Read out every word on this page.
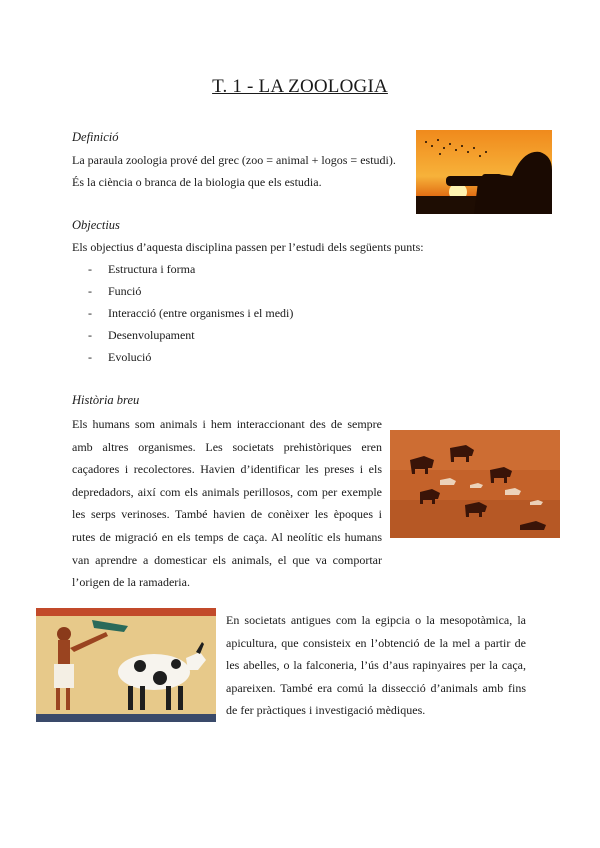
T. 1 - LA ZOOLOGIA
Definició
La paraula zoologia prové del grec (zoo = animal + logos = estudi).
És la ciència o branca de la biologia que els estudia.
Objectius
Els objectius d’aquesta disciplina passen per l’estudi dels següents punts:
-	Estructura i forma
-	Funció
-	Interacció (entre organismes i el medi)
-	Desenvolupament
-	Evolució
Història breu
Els humans som animals i hem interaccionant des de sempre amb altres organismes. Les societats prehistòriques eren caçadores i recolectores. Havien d’identificar les preses i els depredadors, així com els animals perillosos, com per exemple les serps verinoses. També havien de conèixer les èpoques i rutes de migració en els temps de caça. Al neolític els humans van aprendre a domesticar els animals, el que va comportar l’origen de la ramaderia.
En societats antigues com la egipcia o la mesopotàmica, la apicultura, que consisteix en l’obtenció de la mel a partir de les abelles, o la falconeria, l’ús d’aus rapinyaires per la caça, apareixen. També era comú la dissecció d’animals amb fins de fer pràctiques i investigació mèdiques.
